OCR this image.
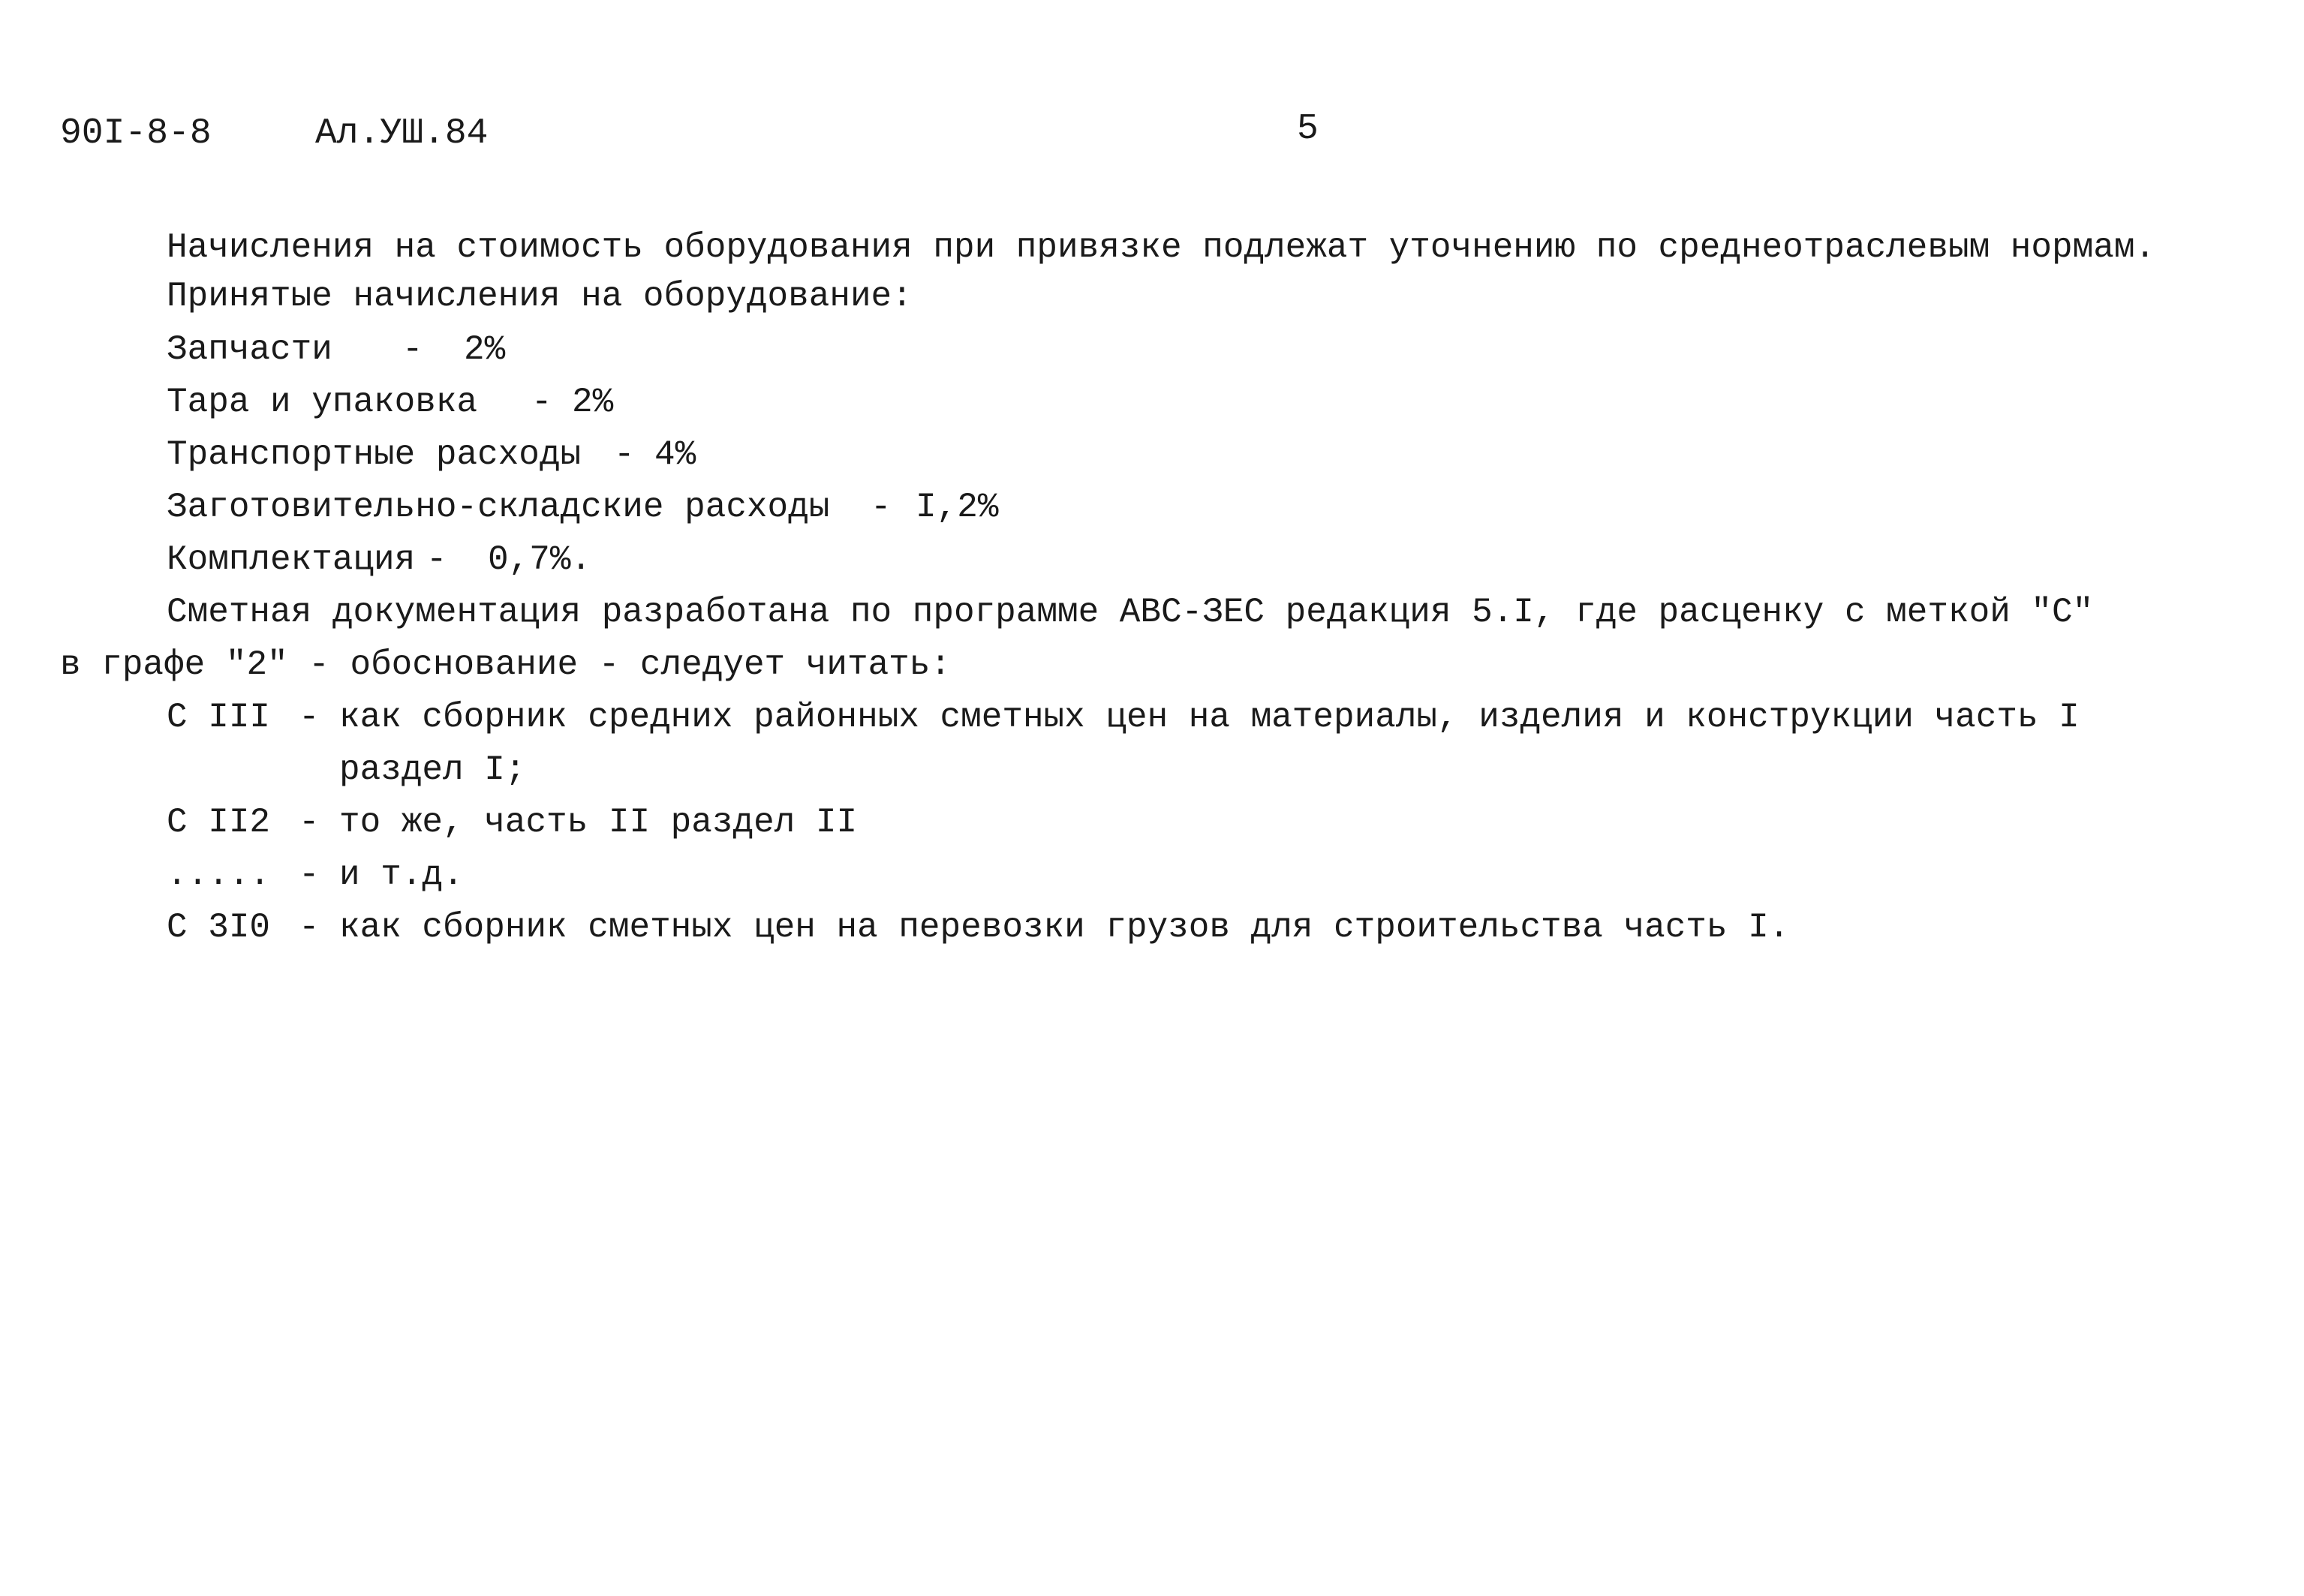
90I-8-8	Ал.УШ.84	5
Начисления на стоимость оборудования при привязке подлежат уточнению по среднеотраслевым нормам.
Принятые начисления на оборудование:
Запчасти - 2%
Тара и упаковка - 2%
Транспортные расходы - 4%
Заготовительно-складские расходы - I,2%
Комплектация - 0,7%.
Сметная документация разработана по программе АВС-ЗЕС редакция 5.I, где расценку с меткой "С"
в графе "2" - обоснование - следует читать:
С III - как сборник средних районных сметных цен на материалы, изделия и конструкции часть I
раздел I;
С II2 - то же, часть II раздел II
..... - и т.д.
С 3I0 - как сборник сметных цен на перевозки грузов для строительства часть I.
